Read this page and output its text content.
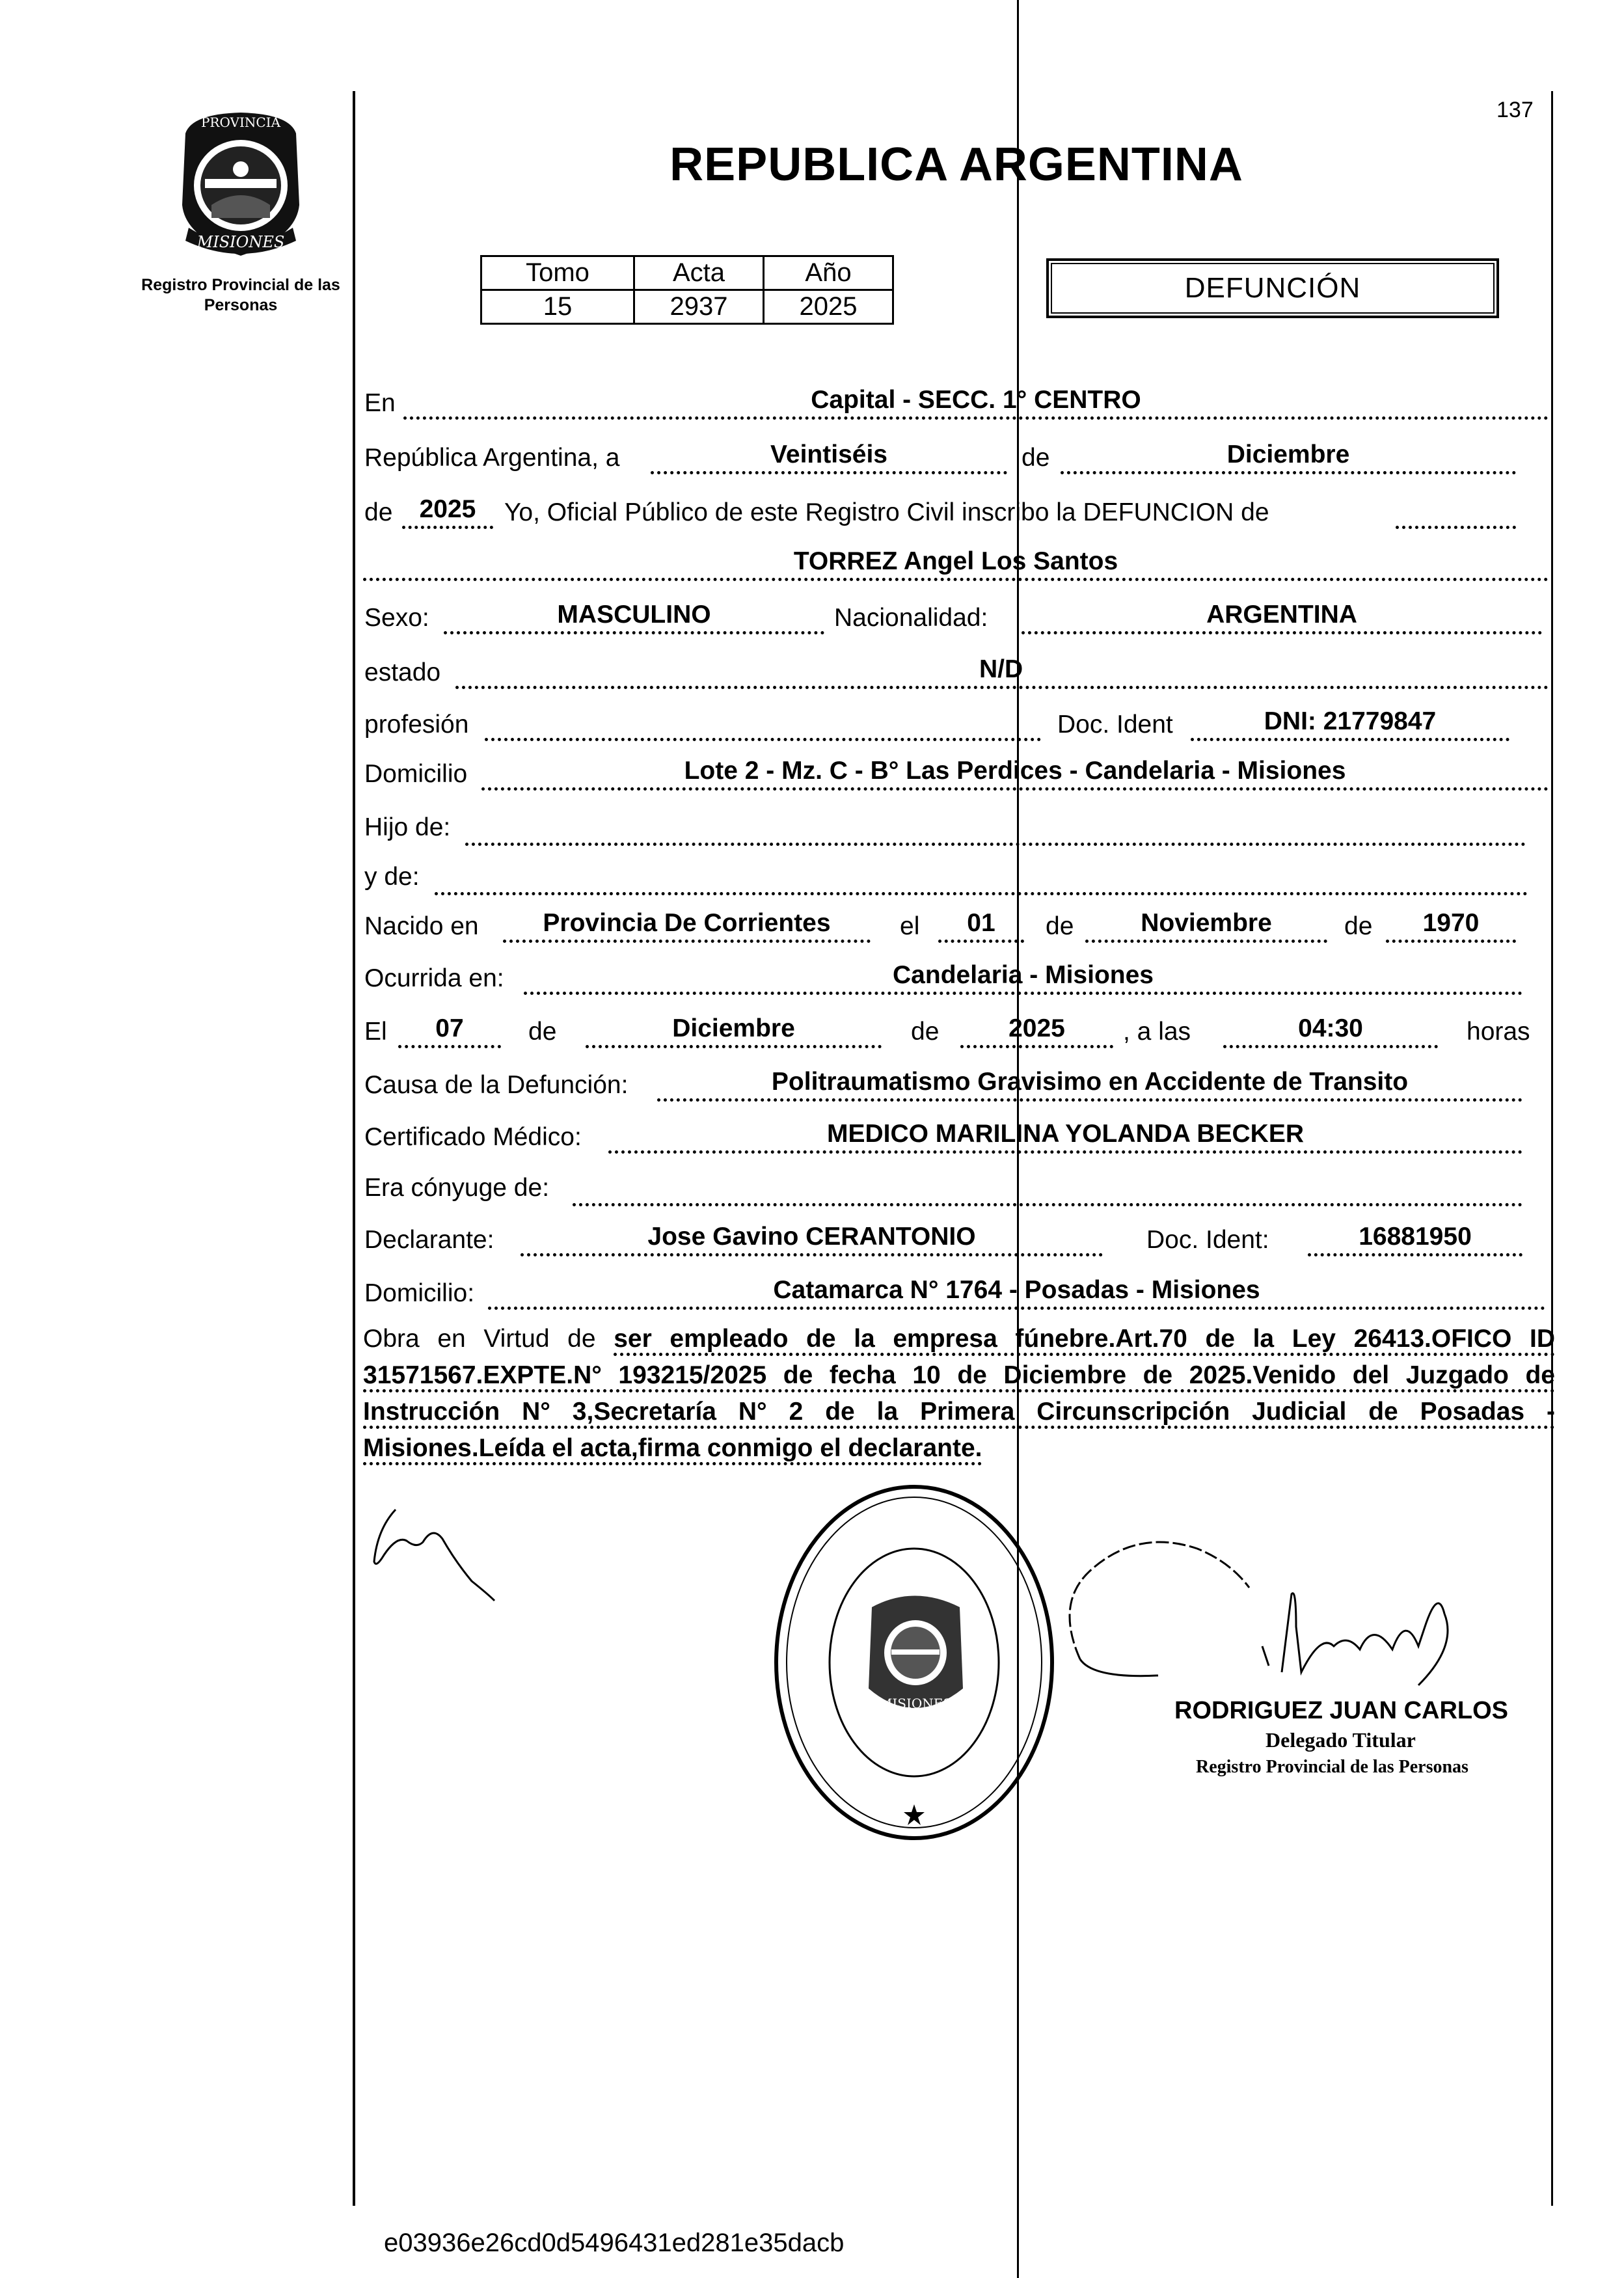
PROVINCIA
MISIONES
Registro Provincial de las Personas
137
REPUBLICA ARGENTINA
Tomo	Acta	Año
15	2937	2025
DEFUNCIÓN
En	Capital - SECC. 1° CENTRO
República Argentina, a	Veintiséis	de	Diciembre
de	2025	Yo, Oficial Público de este Registro Civil inscribo la DEFUNCION de
TORREZ Angel Los Santos
Sexo:	MASCULINO	Nacionalidad:	ARGENTINA
estado	N/D
profesión	Doc. Ident	DNI: 21779847
Domicilio	Lote 2 - Mz. C - B° Las Perdices - Candelaria - Misiones
Hijo de:
y de:
Nacido en	Provincia De Corrientes	el	01	de	Noviembre	de	1970
Ocurrida en:	Candelaria - Misiones
El	07	de	Diciembre	de	2025	, a las	04:30	horas
Causa de la Defunción:	Politraumatismo Gravisimo en Accidente de Transito
Certificado Médico:	MEDICO MARILINA YOLANDA BECKER
Era cónyuge de:
Declarante:	Jose Gavino CERANTONIO	Doc. Ident:	16881950
Domicilio:	Catamarca N° 1764 - Posadas - Misiones
Obra en Virtud de ser empleado de la empresa fúnebre.Art.70 de la Ley 26413.OFICO ID 31571567.EXPTE.N° 193215/2025 de fecha 10 de Diciembre de 2025.Venido del Juzgado de Instrucción N° 3,Secretaría N° 2 de la Primera Circunscripción Judicial de Posadas - Misiones.Leída el acta,firma conmigo el declarante.
MISIONES	RODRIGUEZ JUAN CARLOS
Delegado Titular
Registro Provincial de las Personas
e03936e26cd0d5496431ed281e35dacb
